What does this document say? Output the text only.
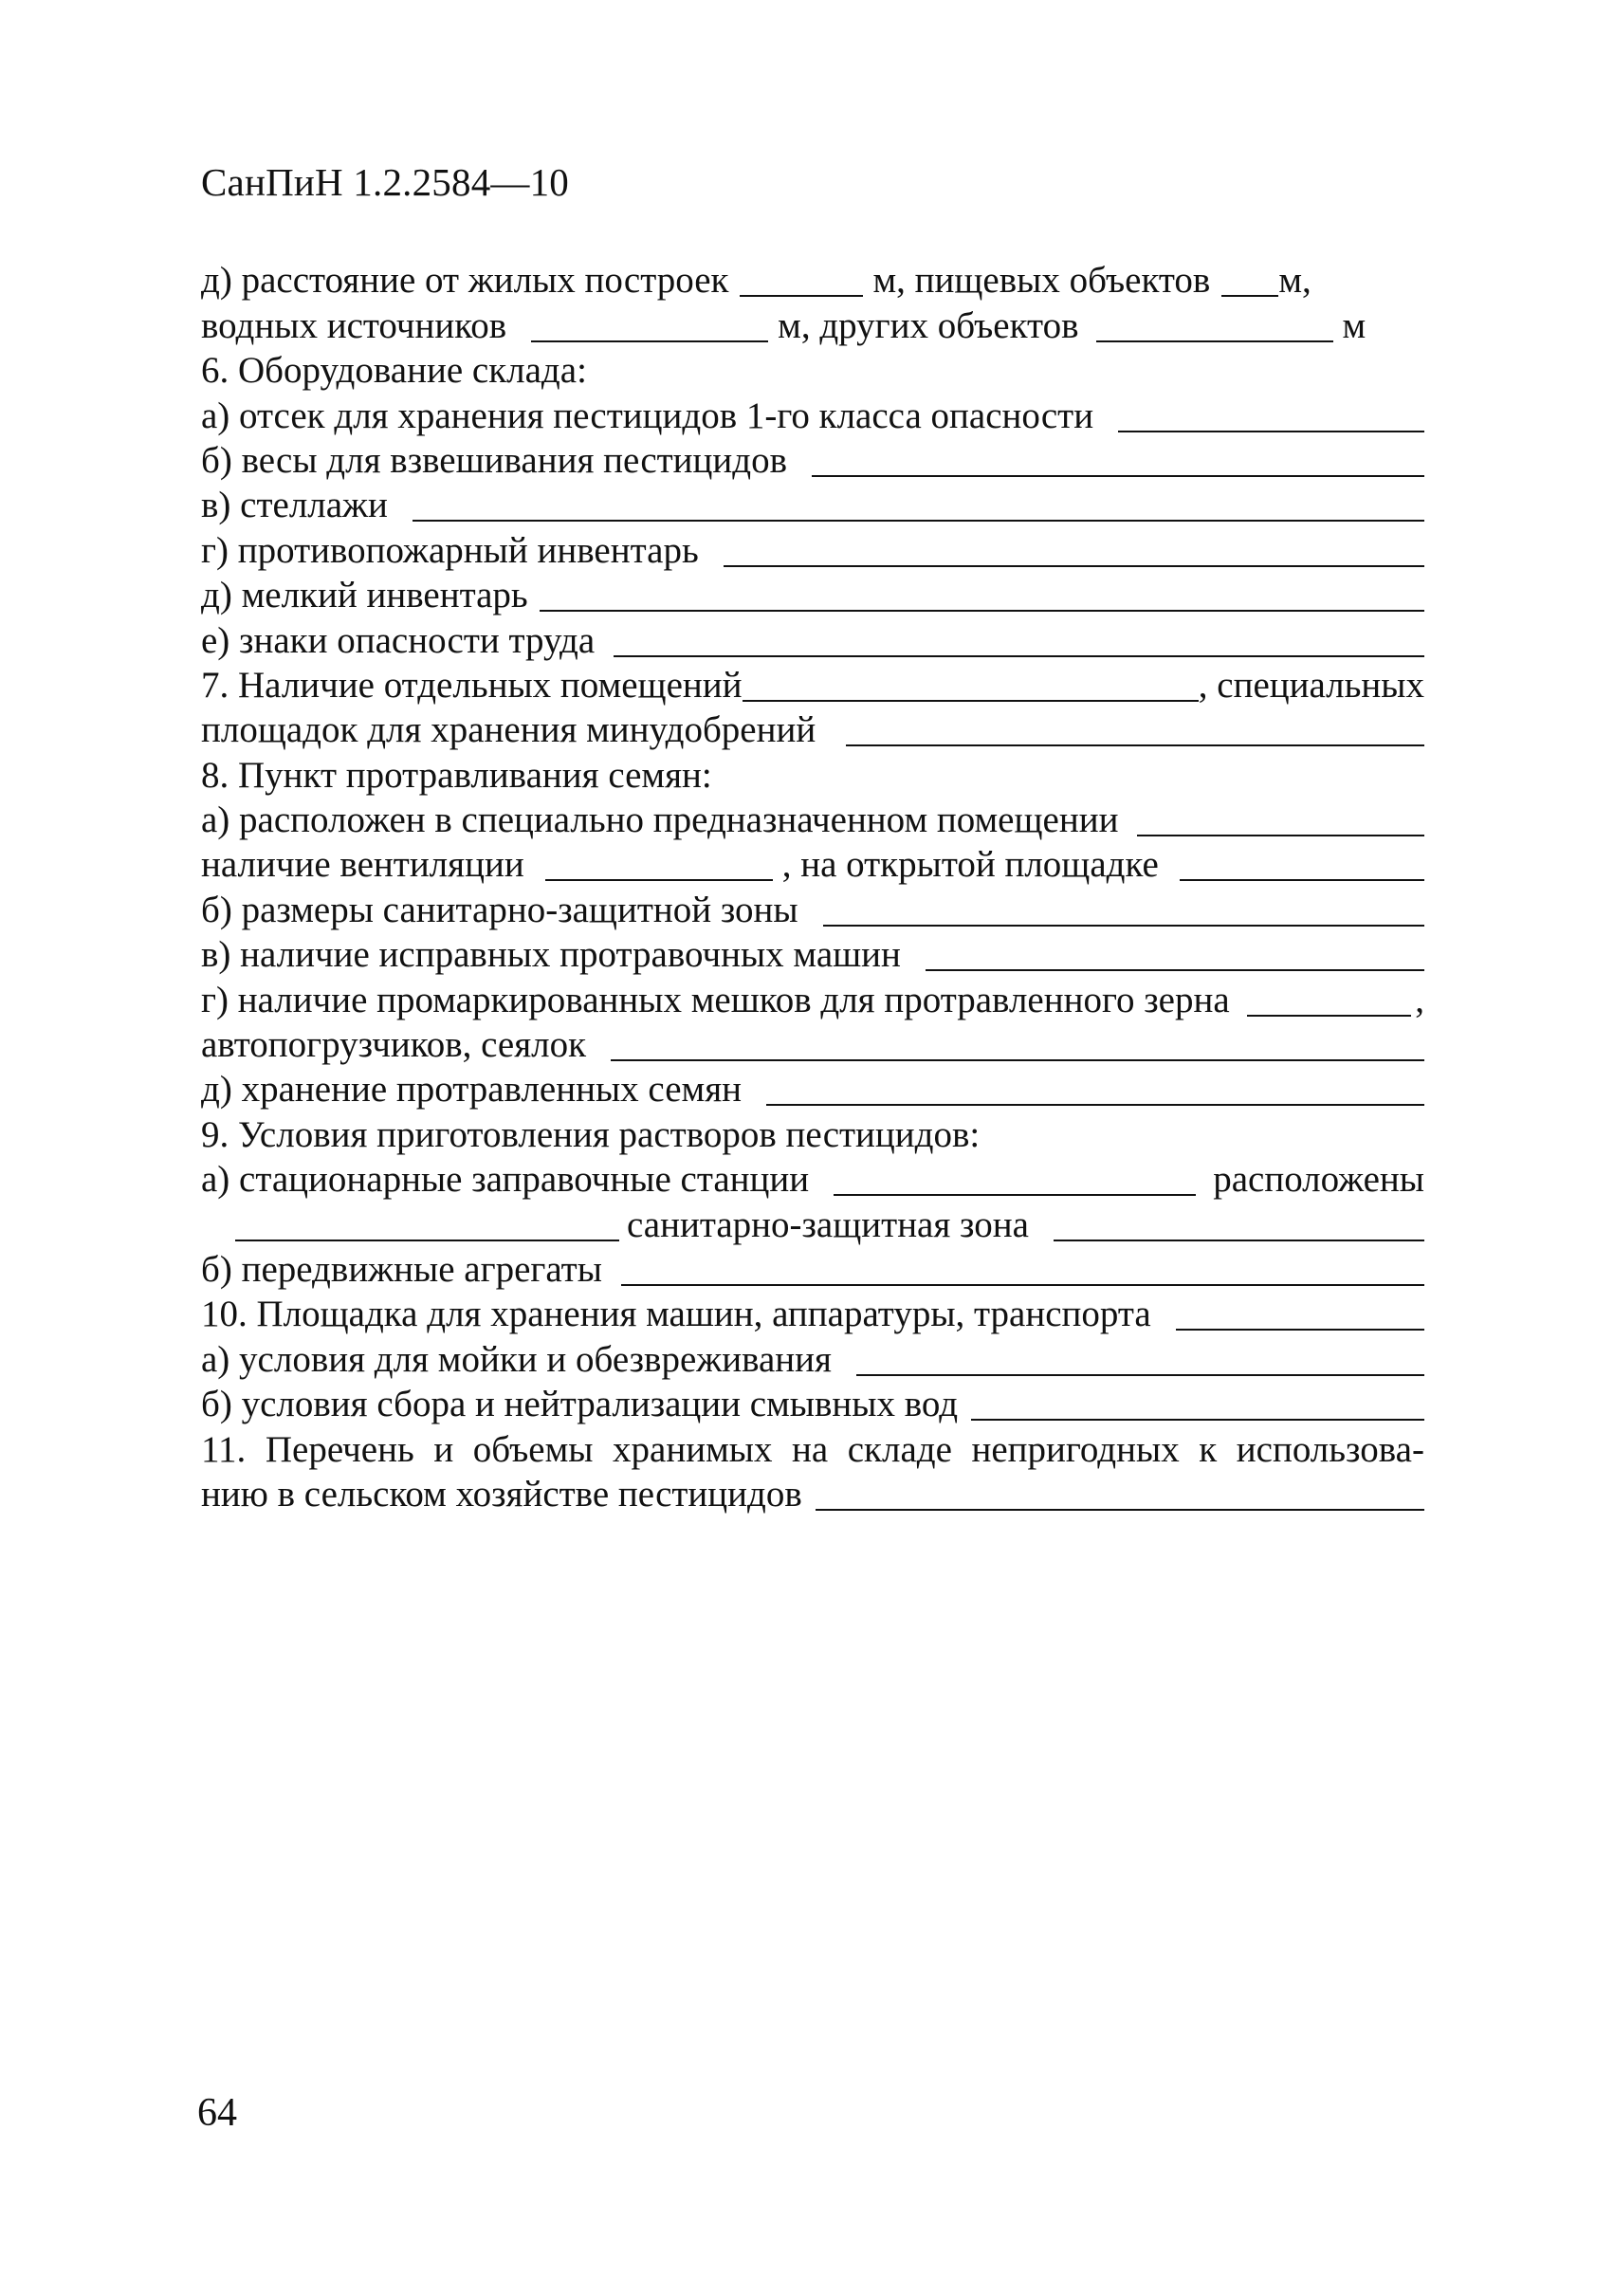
СанПиН 1.2.2584—10
д) расстояние от жилых построек	м, пищевых объектов м,
водных источников	м, других объектов	м
6. Оборудование склада:
а) отсек для хранения пестицидов 1-го класса опасности
б) весы для взвешивания пестицидов
в) стеллажи
г) противопожарный инвентарь
д) мелкий инвентарь
е) знаки опасности труда
7. Наличие отдельных помещений	, специальных
площадок для хранения минудобрений
8. Пункт протравливания семян:
а) расположен в специально предназначенном помещении
наличие вентиляции	, на открытой площадке
б) размеры санитарно-защитной зоны
в) наличие исправных протравочных машин
г) наличие промаркированных мешков для протравленного зерна	,
автопогрузчиков, сеялок
д) хранение протравленных семян
9. Условия приготовления растворов пестицидов:
а) стационарные заправочные станции	расположены
санитарно-защитная зона
б) передвижные агрегаты
10. Площадка для хранения машин, аппаратуры, транспорта
а) условия для мойки и обезвреживания
б) условия сбора и нейтрализации смывных вод
11. Перечень и объемы хранимых на складе непригодных к использова-
нию в сельском хозяйстве пестицидов
64
